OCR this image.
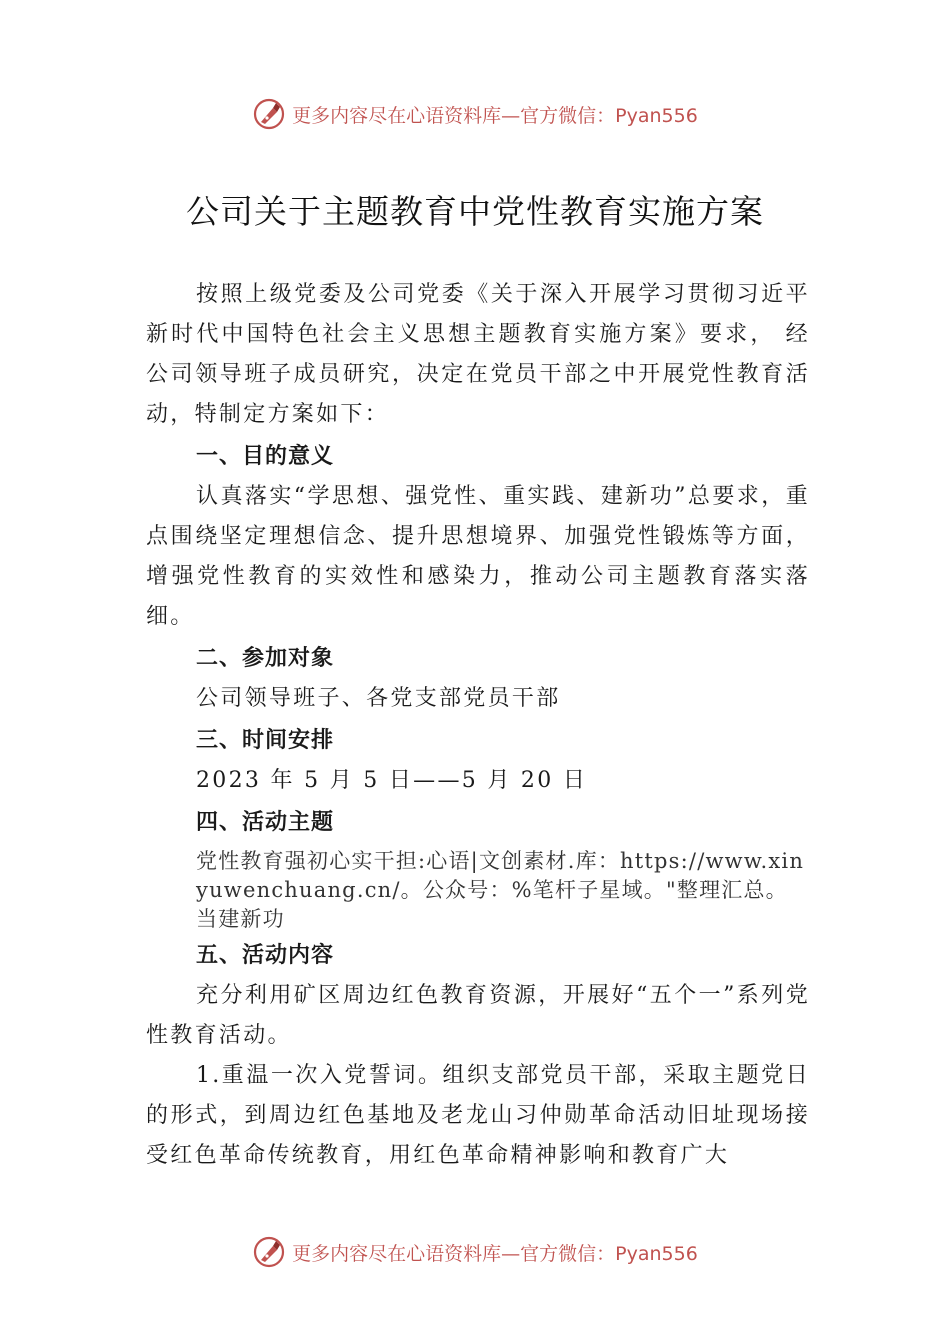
更多内容尽在心语资料库—官方微信：Pyan556
公司关于主题教育中党性教育实施方案

按照上级党委及公司党委《关于深入开展学习贯彻习近平新时代中国特色社会主义思想主题教育实施方案》要求， 经公司领导班子成员研究，决定在党员干部之中开展党性教育活动，特制定方案如下：

一、目的意义

认真落实“学思想、强党性、重实践、建新功”总要求，重点围绕坚定理想信念、提升思想境界、加强党性锻炼等方面，增强党性教育的实效性和感染力，推动公司主题教育落实落细。

二、参加对象

公司领导班子、各党支部党员干部

三、时间安排

2023 年 5 月 5 日——5 月 20 日

四、活动主题

党性教育强初心实干担:心语|文创素材.库：https://www.xinyuwenchuang.cn/。公众号：%笔杆子星域。"整理汇总。当建新功

五、活动内容

充分利用矿区周边红色教育资源，开展好“五个一”系列党性教育活动。

1.重温一次入党誓词。组织支部党员干部，采取主题党日的形式，到周边红色基地及老龙山习仲勋革命活动旧址现场接受红色革命传统教育，用红色革命精神影响和教育广大

更多内容尽在心语资料库—官方微信：Pyan556
